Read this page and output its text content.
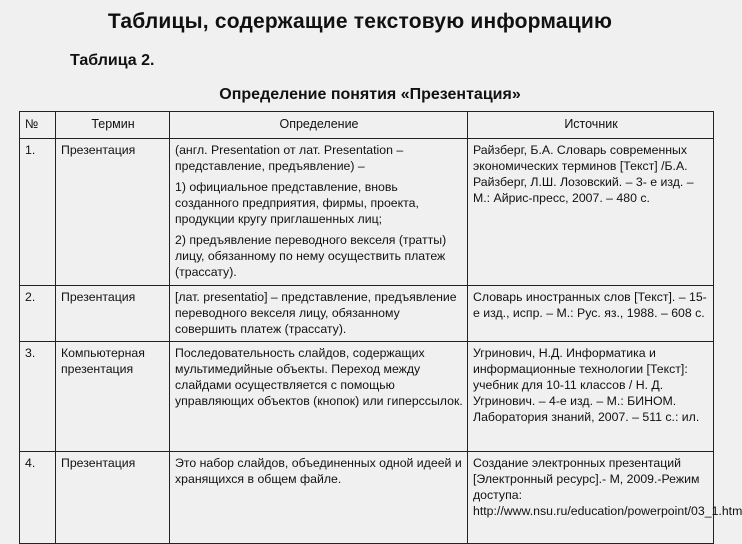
Таблицы, содержащие текстовую информацию
Таблица 2.
Определение понятия «Презентация»
№	Термин	Определение	Источник
1.	Презентация	(англ. Presentation от лат. Presentation – представление, предъявление) –
1) официальное представление, вновь созданного предприятия, фирмы, проекта, продукции кругу приглашенных лиц;
2) предъявление переводного векселя (тратты) лицу, обязанному по нему осуществить платеж (трассату).	Райзберг, Б.А. Словарь современных экономических терминов [Текст] /Б.А. Райзберг, Л.Ш. Лозовский. – 3- е изд. – М.: Айрис-пресс, 2007. – 480 с.
2.	Презентация	[лат. presentatio] – представление, предъявление переводного векселя лицу, обязанному совершить платеж (трассату).	Словарь иностранных слов [Текст]. – 15-е изд., испр. – М.: Рус. яз., 1988. – 608 с.
3.	Компьютерная презентация	Последовательность слайдов, содержащих мультимедийные объекты. Переход между слайдами осуществляется с помощью управляющих объектов (кнопок) или гиперссылок.	Угринович, Н.Д. Информатика и информационные технологии [Текст]: учебник для 10-11 классов / Н. Д. Угринович. – 4-е изд. – М.: БИНОМ. Лаборатория знаний, 2007. – 511 с.: ил.
4.	Презентация	Это набор слайдов, объединенных одной идеей и хранящихся в общем файле.	Создание электронных презентаций [Электронный ресурс].- М, 2009.-Режим доступа: http://www.nsu.ru/education/powerpoint/03_1.htm
